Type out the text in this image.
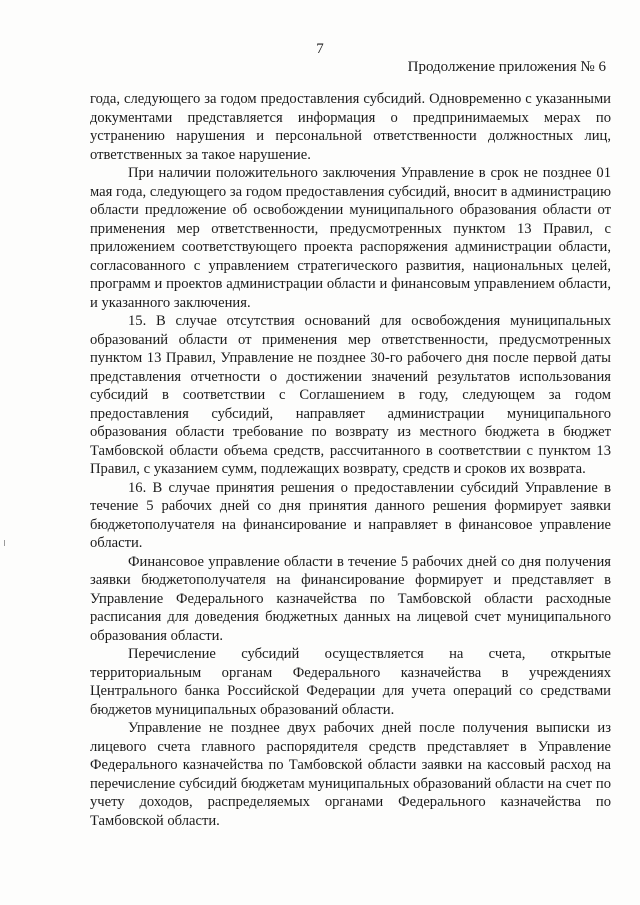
7
Продолжение приложения № 6

года, следующего за годом предоставления субсидий. Одновременно с указанными документами представляется информация о предпринимаемых мерах по устранению нарушения и персональной ответственности должностных лиц, ответственных за такое нарушение.

При наличии положительного заключения Управление в срок не позднее 01 мая года, следующего за годом предоставления субсидий, вносит в администрацию области предложение об освобождении муниципального образования области от применения мер ответственности, предусмотренных пунктом 13 Правил, с приложением соответствующего проекта распоряжения администрации области, согласованного с управлением стратегического развития, национальных целей, программ и проектов администрации области и финансовым управлением области, и указанного заключения.

15. В случае отсутствия оснований для освобождения муниципальных образований области от применения мер ответственности, предусмотренных пунктом 13 Правил, Управление не позднее 30-го рабочего дня после первой даты представления отчетности о достижении значений результатов использования субсидий в соответствии с Соглашением в году, следующем за годом предоставления субсидий, направляет администрации муниципального образования области требование по возврату из местного бюджета в бюджет Тамбовской области объема средств, рассчитанного в соответствии с пунктом 13 Правил, с указанием сумм, подлежащих возврату, средств и сроков их возврата.

16. В случае принятия решения о предоставлении субсидий Управление в течение 5 рабочих дней со дня принятия данного решения формирует заявки бюджетополучателя на финансирование и направляет в финансовое управление области.

Финансовое управление области в течение 5 рабочих дней со дня получения заявки бюджетополучателя на финансирование формирует и представляет в Управление Федерального казначейства по Тамбовской области расходные расписания для доведения бюджетных данных на лицевой счет муниципального образования области.

Перечисление субсидий осуществляется на счета, открытые территориальным органам Федерального казначейства в учреждениях Центрального банка Российской Федерации для учета операций со средствами бюджетов муниципальных образований области.

Управление не позднее двух рабочих дней после получения выписки из лицевого счета главного распорядителя средств представляет в Управление Федерального казначейства по Тамбовской области заявки на кассовый расход на перечисление субсидий бюджетам муниципальных образований области на счет по учету доходов, распределяемых органами Федерального казначейства по Тамбовской области.
